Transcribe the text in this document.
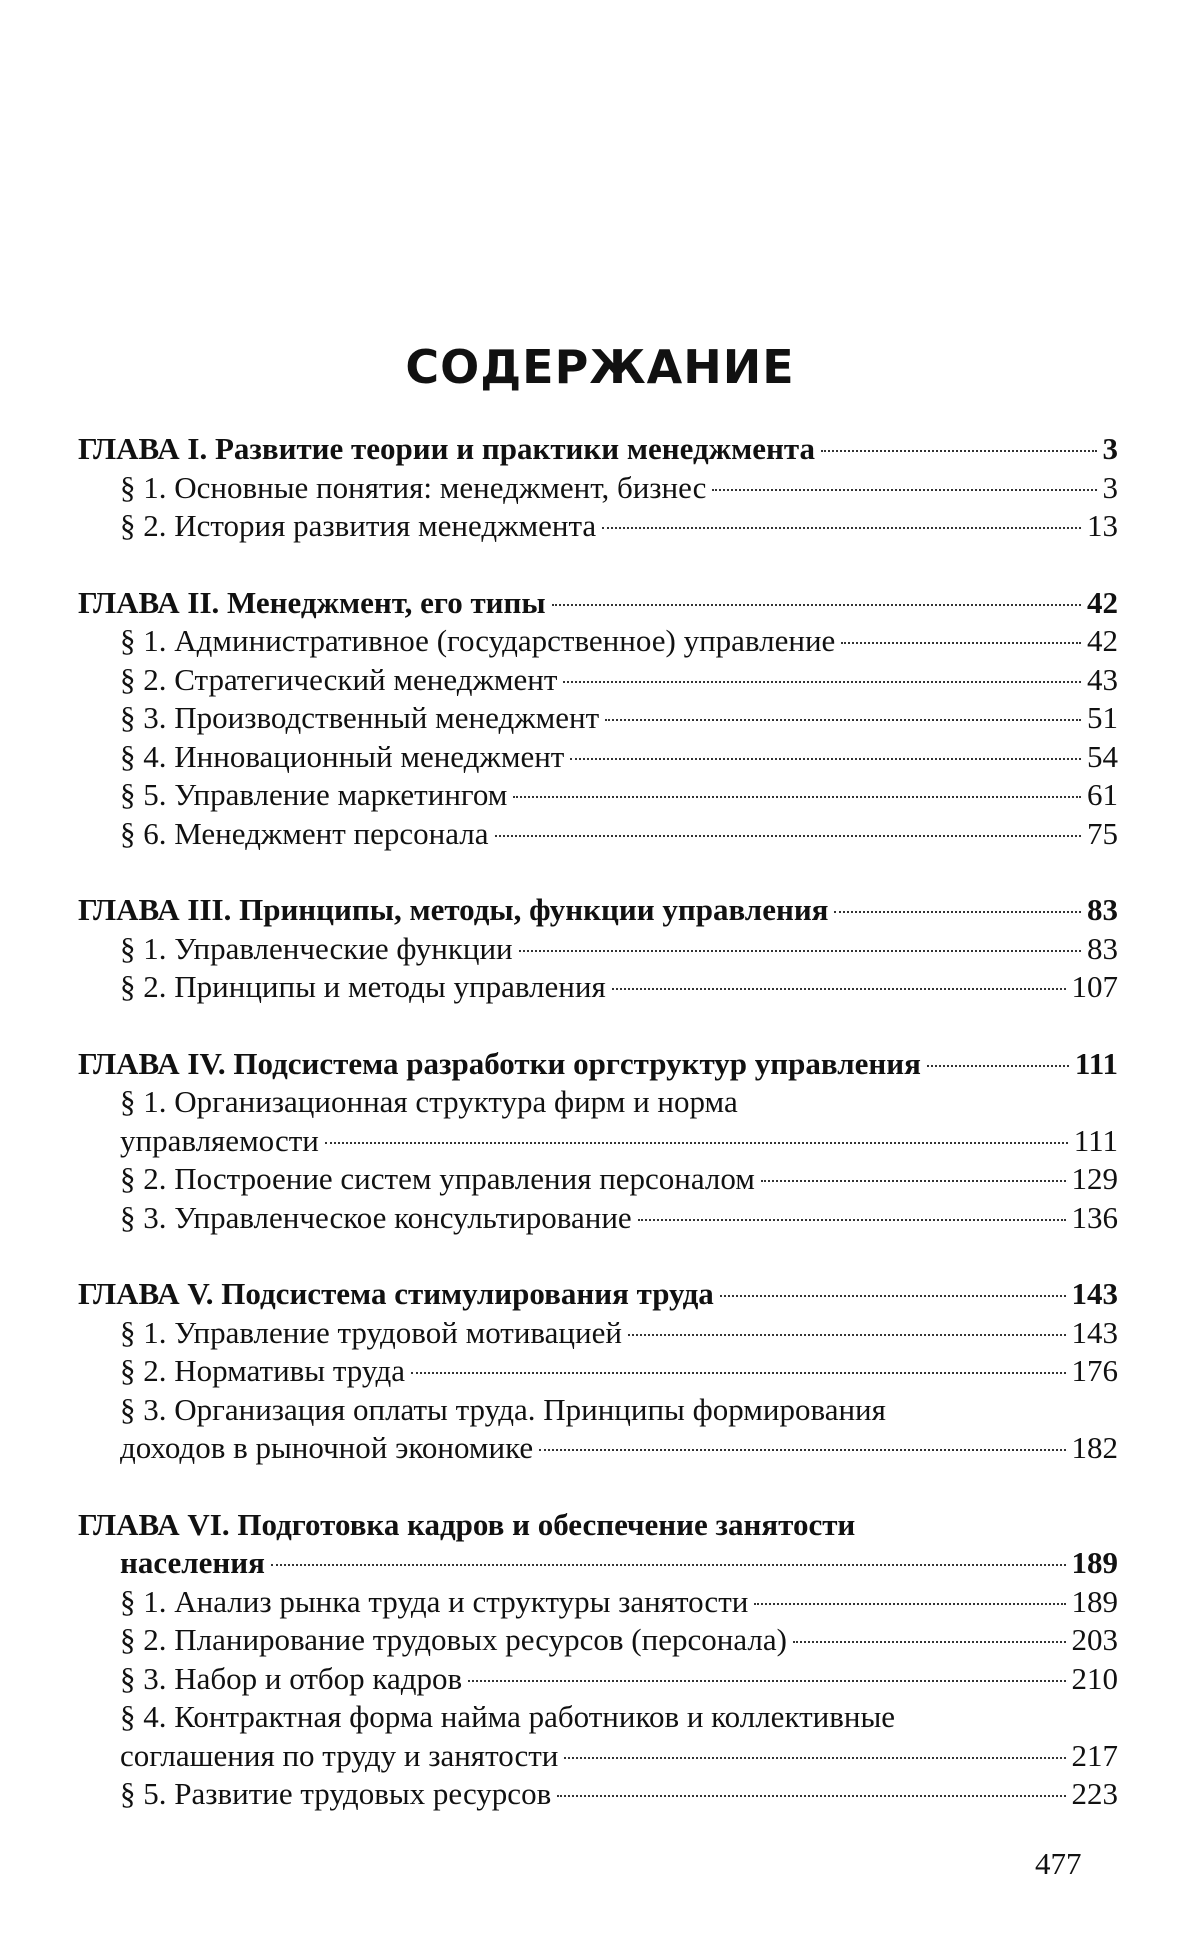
СОДЕРЖАНИЕ
ГЛАВА I. Развитие теории и практики менеджмента	3
§ 1. Основные понятия: менеджмент, бизнес	3
§ 2. История развития менеджмента	13
ГЛАВА II. Менеджмент, его типы	42
§ 1. Административное (государственное) управление	42
§ 2. Стратегический менеджмент	43
§ 3. Производственный менеджмент	51
§ 4. Инновационный менеджмент	54
§ 5. Управление маркетингом	61
§ 6. Менеджмент персонала	75
ГЛАВА III. Принципы, методы, функции управления	83
§ 1. Управленческие функции	83
§ 2. Принципы и методы управления	107
ГЛАВА IV. Подсистема разработки оргструктур управления	111
§ 1. Организационная структура фирм и норма
управляемости	111
§ 2. Построение систем управления персоналом	129
§ 3. Управленческое консультирование	136
ГЛАВА V. Подсистема стимулирования труда	143
§ 1. Управление трудовой мотивацией	143
§ 2. Нормативы труда	176
§ 3. Организация оплаты труда. Принципы формирования
доходов в рыночной экономике	182
ГЛАВА VI. Подготовка кадров и обеспечение занятости
населения	189
§ 1. Анализ рынка труда и структуры занятости	189
§ 2. Планирование трудовых ресурсов (персонала)	203
§ 3. Набор и отбор кадров	210
§ 4. Контрактная форма найма работников и коллективные
соглашения по труду и занятости	217
§ 5. Развитие трудовых ресурсов	223
477
